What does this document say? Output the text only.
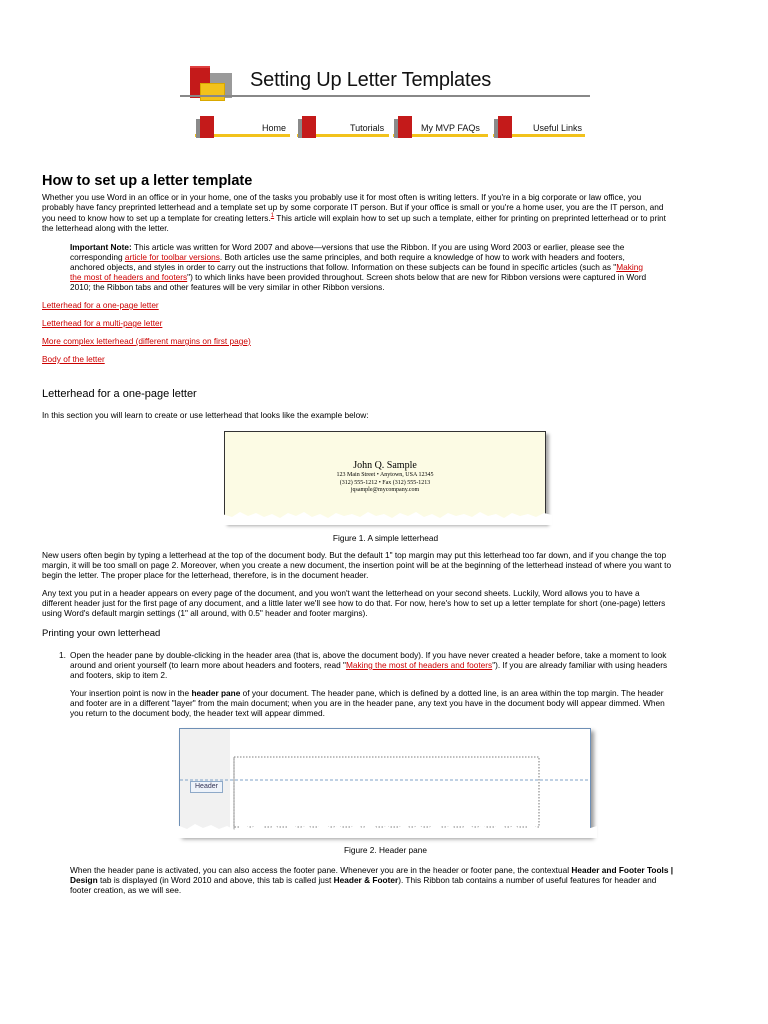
Setting Up Letter Templates
Home	Tutorials	My MVP FAQs	Useful Links
How to set up a letter template

Whether you use Word in an office or in your home, one of the tasks you probably use it for most often is writing letters. If you're in a big corporate or law office, you

probably have fancy preprinted letterhead and a template set up by some corporate IT person. But if your office is small or you're a home user, you are the IT person, and

you need to know how to set up a template for creating letters.$^1$ This article will explain how to set up such a template, either for printing on preprinted letterhead or to print

the letterhead along with the letter.

Important Note: This article was written for Word 2007 and above—versions that use the Ribbon. If you are using Word 2003 or earlier, please see the

corresponding article for toolbar versions. Both articles use the same principles, and both require a knowledge of how to work with headers and footers,

anchored objects, and styles in order to carry out the instructions that follow. Information on these subjects can be found in specific articles (such as "Making

the most of headers and footers") to which links have been provided throughout. Screen shots below that are new for Ribbon versions were captured in Word

2010; the Ribbon tabs and other features will be very similar in other Ribbon versions.

Letterhead for a one-page letter

Letterhead for a multi-page letter

More complex letterhead (different margins on first page)

Body of the letter

Letterhead for a one-page letter

In this section you will learn to create or use letterhead that looks like the example below:

John Q. Sample
123 Main Street • Anytown, USA 12345
(312) 555-1212 • Fax (312) 555-1213
jqsample@mycompany.com
Figure 1. A simple letterhead

New users often begin by typing a letterhead at the top of the document body. But the default 1" top margin may put this letterhead too far down, and if you change the top

margin, it will be too small on page 2. Moreover, when you create a new document, the insertion point will be at the beginning of the letterhead instead of where you want to

begin the letter. The proper place for the letterhead, therefore, is in the document header.

Any text you put in a header appears on every page of the document, and you won't want the letterhead on your second sheets. Luckily, Word allows you to have a

different header just for the first page of any document, and a little later we'll see how to do that. For now, here's how to set up a letter template for short (one-page) letters

using Word's default margin settings (1" all around, with 0.5" header and footer margins).

Printing your own letterhead
1. Open the header pane by double-clicking in the header area (that is, above the document body). If you have never created a header before, take a moment to look

around and orient yourself (to learn more about headers and footers, read "Making the most of headers and footers"). If you are already familiar with using headers

and footers, skip to item 2.

Your insertion point is now in the header pane of your document. The header pane, which is defined by a dotted line, is an area within the top margin. The header

and footer are in a different "layer" from the main document; when you are in the header pane, any text you have in the document body will appear dimmed. When

you return to the document body, the header text will appear dimmed.

Header
Figure 2. Header pane

When the header pane is activated, you can also access the footer pane. Whenever you are in the header or footer pane, the contextual Header and Footer Tools |

Design tab is displayed (in Word 2010 and above, this tab is called just Header & Footer). This Ribbon tab contains a number of useful features for header and

footer creation, as we will see.
